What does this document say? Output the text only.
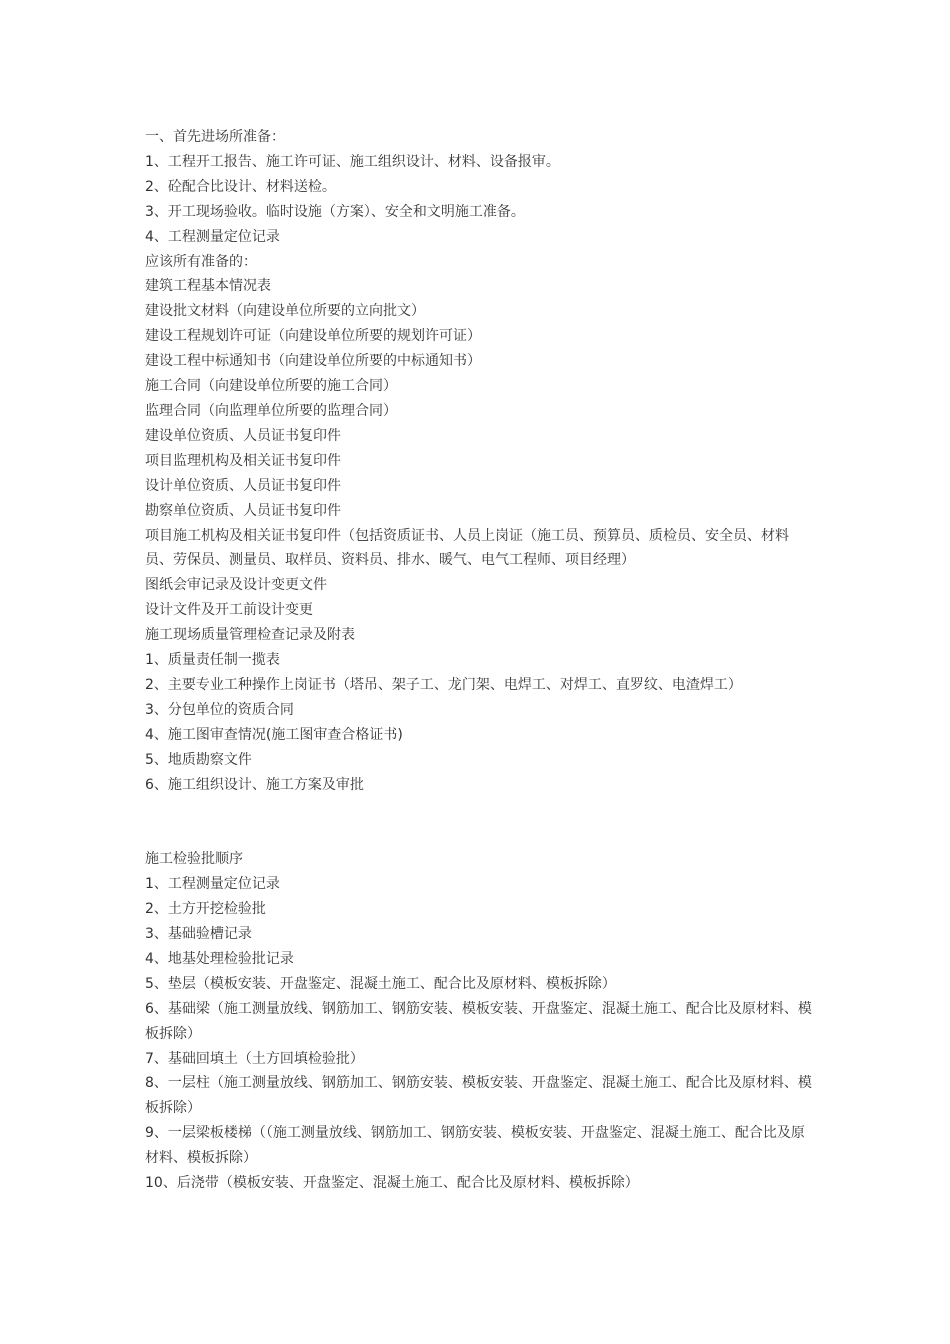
一、首先进场所准备：
1、工程开工报告、施工许可证、施工组织设计、材料、设备报审。
2、砼配合比设计、材料送检。
3、开工现场验收。临时设施（方案）、安全和文明施工准备。
4、工程测量定位记录
应该所有准备的：
建筑工程基本情况表
建设批文材料（向建设单位所要的立向批文）
建设工程规划许可证（向建设单位所要的规划许可证）
建设工程中标通知书（向建设单位所要的中标通知书）
施工合同（向建设单位所要的施工合同）
监理合同（向监理单位所要的监理合同）
建设单位资质、人员证书复印件
项目监理机构及相关证书复印件
设计单位资质、人员证书复印件
勘察单位资质、人员证书复印件
项目施工机构及相关证书复印件（包括资质证书、人员上岗证（施工员、预算员、质检员、安全员、材料员、劳保员、测量员、取样员、资料员、排水、暖气、电气工程师、项目经理）
图纸会审记录及设计变更文件
设计文件及开工前设计变更
施工现场质量管理检查记录及附表
1、质量责任制一揽表
2、主要专业工种操作上岗证书（塔吊、架子工、龙门架、电焊工、对焊工、直罗纹、电渣焊工）
3、分包单位的资质合同
4、施工图审查情况(施工图审查合格证书)
5、地质勘察文件
6、施工组织设计、施工方案及审批
施工检验批顺序
1、工程测量定位记录
2、土方开挖检验批
3、基础验槽记录
4、地基处理检验批记录
5、垫层（模板安装、开盘鉴定、混凝土施工、配合比及原材料、模板拆除）
6、基础梁（施工测量放线、钢筋加工、钢筋安装、模板安装、开盘鉴定、混凝土施工、配合比及原材料、模板拆除）
7、基础回填土（土方回填检验批）
8、一层柱（施工测量放线、钢筋加工、钢筋安装、模板安装、开盘鉴定、混凝土施工、配合比及原材料、模板拆除）
9、一层梁板楼梯（（施工测量放线、钢筋加工、钢筋安装、模板安装、开盘鉴定、混凝土施工、配合比及原材料、模板拆除）
10、后浇带（模板安装、开盘鉴定、混凝土施工、配合比及原材料、模板拆除）
